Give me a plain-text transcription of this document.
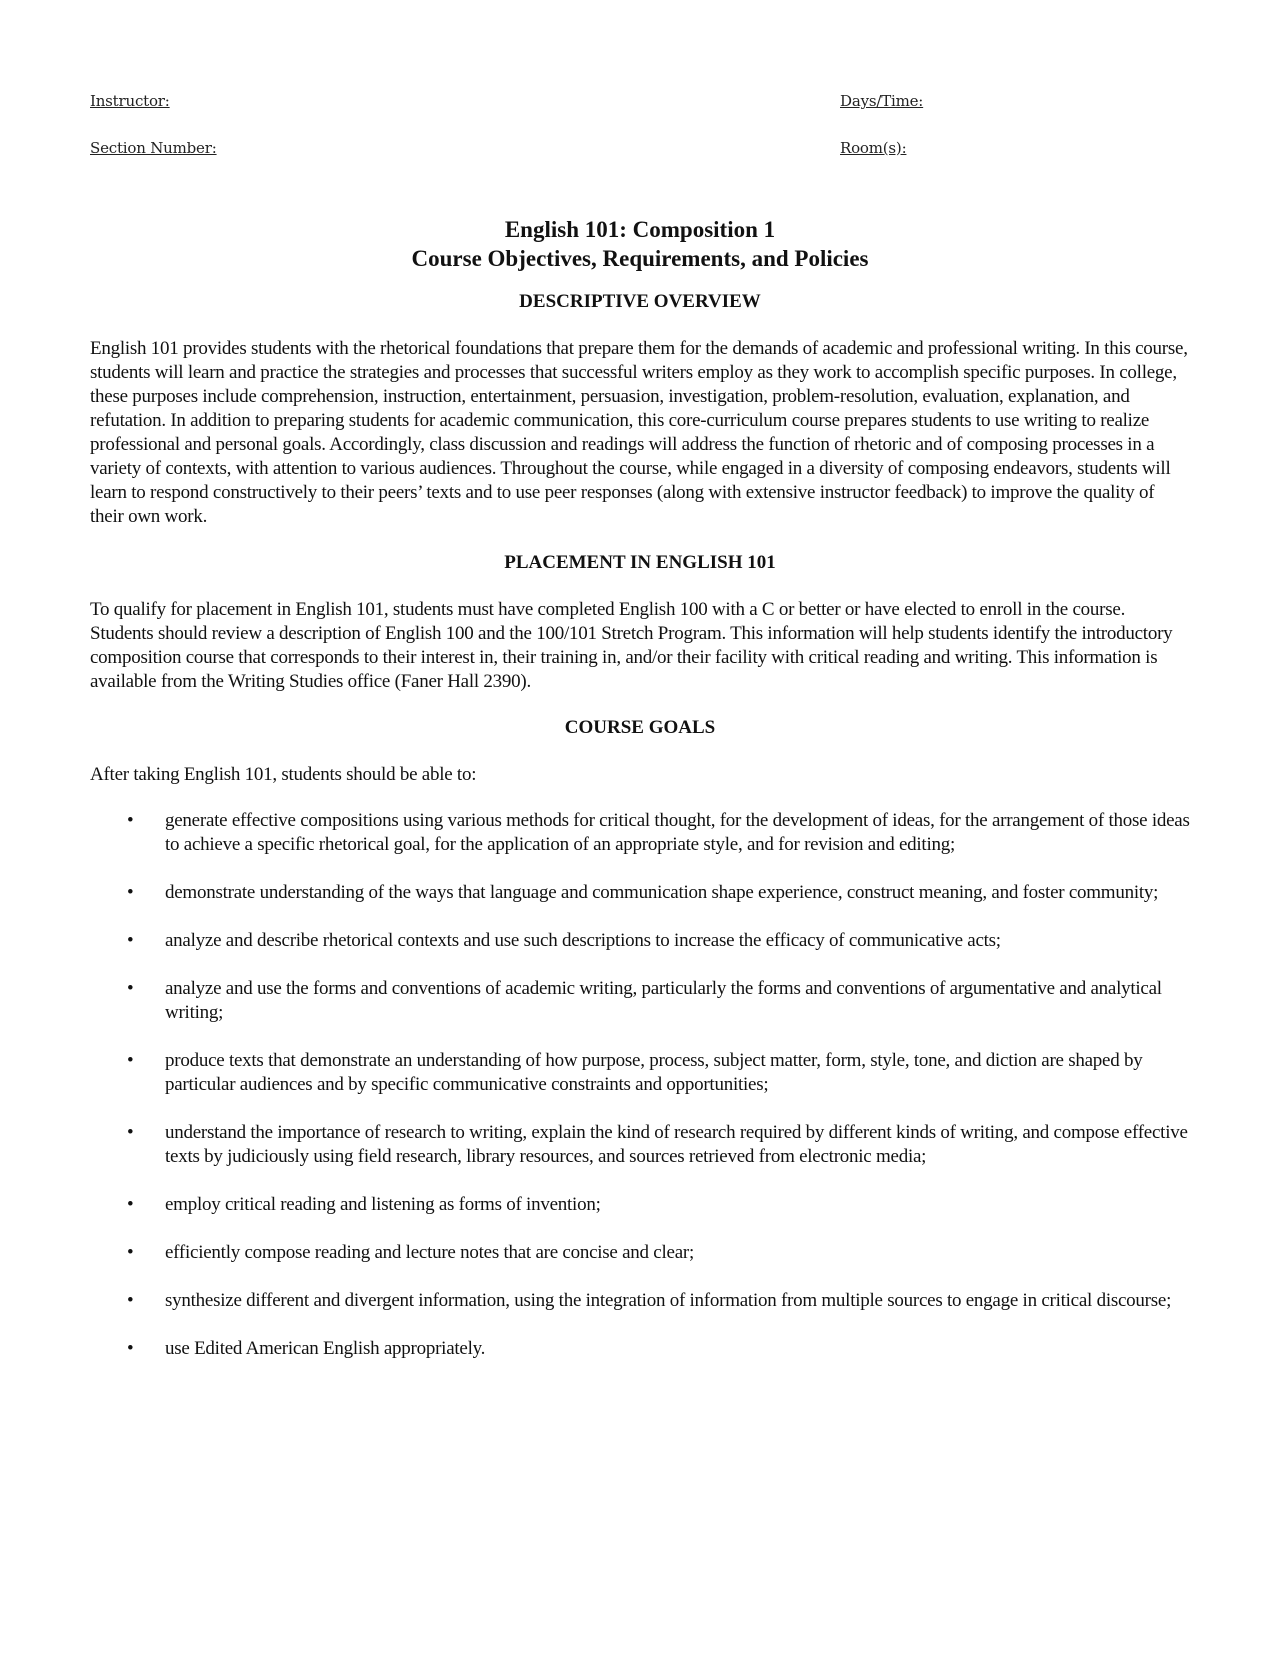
Instructor:
Section Number:
Days/Time:
Room(s):
English 101: Composition 1
Course Objectives, Requirements, and Policies
DESCRIPTIVE OVERVIEW

English 101 provides students with the rhetorical foundations that prepare them for the demands of academic and professional writing. In this course, students will learn and practice the strategies and processes that successful writers employ as they work to accomplish specific purposes. In college, these purposes include comprehension, instruction, entertainment, persuasion, investigation, problem-resolution, evaluation, explanation, and refutation. In addition to preparing students for academic communication, this core-curriculum course prepares students to use writing to realize professional and personal goals. Accordingly, class discussion and readings will address the function of rhetoric and of composing processes in a variety of contexts, with attention to various audiences. Throughout the course, while engaged in a diversity of composing endeavors, students will learn to respond constructively to their peers’ texts and to use peer responses (along with extensive instructor feedback) to improve the quality of their own work.

PLACEMENT IN ENGLISH 101

To qualify for placement in English 101, students must have completed English 100 with a C or better or have elected to enroll in the course. Students should review a description of English 100 and the 100/101 Stretch Program. This information will help students identify the introductory composition course that corresponds to their interest in, their training in, and/or their facility with critical reading and writing. This information is available from the Writing Studies office (Faner Hall 2390).

COURSE GOALS

After taking English 101, students should be able to:

• generate effective compositions using various methods for critical thought, for the development of ideas, for the arrangement of those ideas to achieve a specific rhetorical goal, for the application of an appropriate style, and for revision and editing;
• demonstrate understanding of the ways that language and communication shape experience, construct meaning, and foster community;
• analyze and describe rhetorical contexts and use such descriptions to increase the efficacy of communicative acts;
• analyze and use the forms and conventions of academic writing, particularly the forms and conventions of argumentative and analytical writing;
• produce texts that demonstrate an understanding of how purpose, process, subject matter, form, style, tone, and diction are shaped by particular audiences and by specific communicative constraints and opportunities;
• understand the importance of research to writing, explain the kind of research required by different kinds of writing, and compose effective texts by judiciously using field research, library resources, and sources retrieved from electronic media;
• employ critical reading and listening as forms of invention;
• efficiently compose reading and lecture notes that are concise and clear;
• synthesize different and divergent information, using the integration of information from multiple sources to engage in critical discourse;
• use Edited American English appropriately.
